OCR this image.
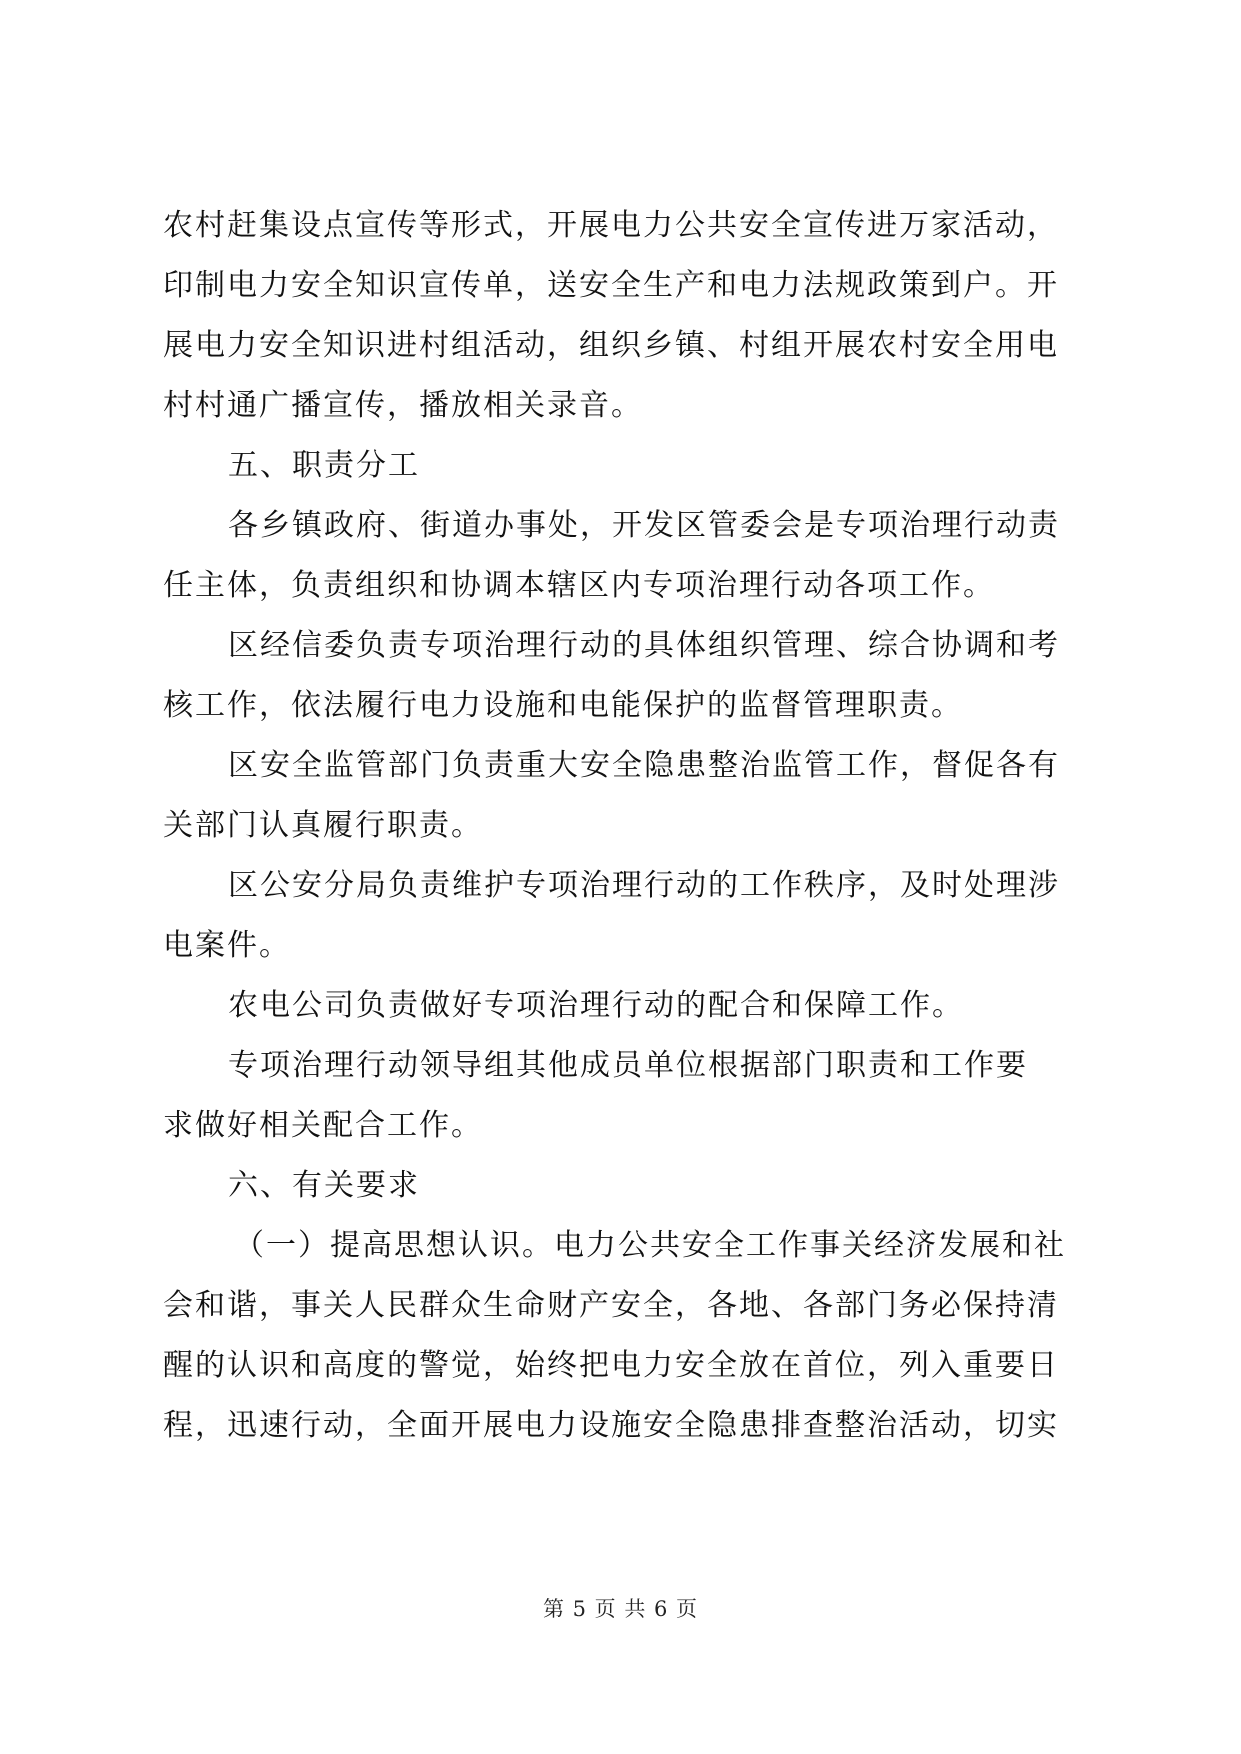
农村赶集设点宣传等形式，开展电力公共安全宣传进万家活动，
印制电力安全知识宣传单，送安全生产和电力法规政策到户。开
展电力安全知识进村组活动，组织乡镇、村组开展农村安全用电
村村通广播宣传，播放相关录音。
五、职责分工
各乡镇政府、街道办事处，开发区管委会是专项治理行动责
任主体，负责组织和协调本辖区内专项治理行动各项工作。
区经信委负责专项治理行动的具体组织管理、综合协调和考
核工作，依法履行电力设施和电能保护的监督管理职责。
区安全监管部门负责重大安全隐患整治监管工作，督促各有
关部门认真履行职责。
区公安分局负责维护专项治理行动的工作秩序，及时处理涉
电案件。
农电公司负责做好专项治理行动的配合和保障工作。
专项治理行动领导组其他成员单位根据部门职责和工作要
求做好相关配合工作。
六、有关要求
（一）提高思想认识。电力公共安全工作事关经济发展和社
会和谐，事关人民群众生命财产安全，各地、各部门务必保持清
醒的认识和高度的警觉，始终把电力安全放在首位，列入重要日
程，迅速行动，全面开展电力设施安全隐患排查整治活动，切实
第 5 页 共 6 页
